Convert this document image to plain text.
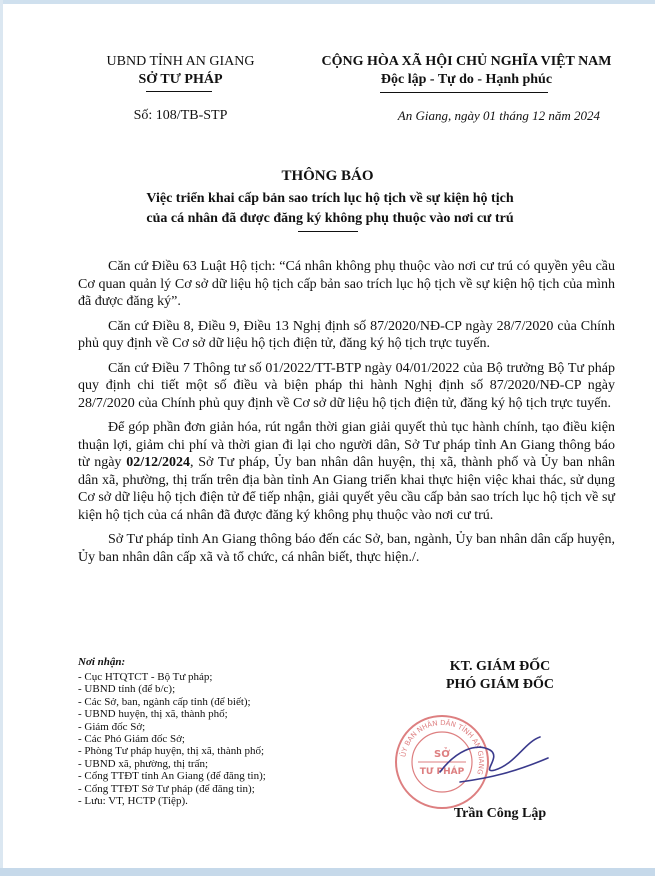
UBND TỈNH AN GIANG
SỞ TƯ PHÁP
Số: 108/TB-STP
CỘNG HÒA XÃ HỘI CHỦ NGHĨA VIỆT NAM
Độc lập - Tự do - Hạnh phúc
An Giang, ngày 01 tháng 12 năm 2024
THÔNG BÁO
Việc triển khai cấp bản sao trích lục hộ tịch về sự kiện hộ tịch
của cá nhân đã được đăng ký không phụ thuộc vào nơi cư trú

Căn cứ Điều 63 Luật Hộ tịch: “Cá nhân không phụ thuộc vào nơi cư trú có quyền yêu cầu Cơ quan quản lý Cơ sở dữ liệu hộ tịch cấp bản sao trích lục hộ tịch về sự kiện hộ tịch của mình đã được đăng ký”.

Căn cứ Điều 8, Điều 9, Điều 13 Nghị định số 87/2020/NĐ-CP ngày 28/7/2020 của Chính phủ quy định về Cơ sở dữ liệu hộ tịch điện tử, đăng ký hộ tịch trực tuyến.

Căn cứ Điều 7 Thông tư số 01/2022/TT-BTP ngày 04/01/2022 của Bộ trưởng Bộ Tư pháp quy định chi tiết một số điều và biện pháp thi hành Nghị định số 87/2020/NĐ-CP ngày 28/7/2020 của Chính phủ quy định về Cơ sở dữ liệu hộ tịch điện tử, đăng ký hộ tịch trực tuyến.

Để góp phần đơn giản hóa, rút ngắn thời gian giải quyết thủ tục hành chính, tạo điều kiện thuận lợi, giảm chi phí và thời gian đi lại cho người dân, Sở Tư pháp tỉnh An Giang thông báo từ ngày 02/12/2024, Sở Tư pháp, Ủy ban nhân dân huyện, thị xã, thành phố và Ủy ban nhân dân xã, phường, thị trấn trên địa bàn tỉnh An Giang triển khai thực hiện việc khai thác, sử dụng Cơ sở dữ liệu hộ tịch điện tử để tiếp nhận, giải quyết yêu cầu cấp bản sao trích lục hộ tịch về sự kiện hộ tịch của cá nhân đã được đăng ký không phụ thuộc vào nơi cư trú.

Sở Tư pháp tỉnh An Giang thông báo đến các Sở, ban, ngành, Ủy ban nhân dân cấp huyện, Ủy ban nhân dân cấp xã và tổ chức, cá nhân biết, thực hiện./.

Nơi nhận:
- Cục HTQTCT - Bộ Tư pháp;
- UBND tỉnh (để b/c);
- Các Sở, ban, ngành cấp tỉnh (để biết);
- UBND huyện, thị xã, thành phố;
- Giám đốc Sở;
- Các Phó Giám đốc Sở;
- Phòng Tư pháp huyện, thị xã, thành phố;
- UBND xã, phường, thị trấn;
- Cổng TTĐT tỉnh An Giang (để đăng tin);
- Cổng TTĐT Sở Tư pháp (để đăng tin);
- Lưu: VT, HCTP (Tiệp).
KT. GIÁM ĐỐC
PHÓ GIÁM ĐỐC
ỦY BAN NHÂN DÂN TỈNH AN GIANG
SỞ
TƯ PHÁP
Trần Công Lập
